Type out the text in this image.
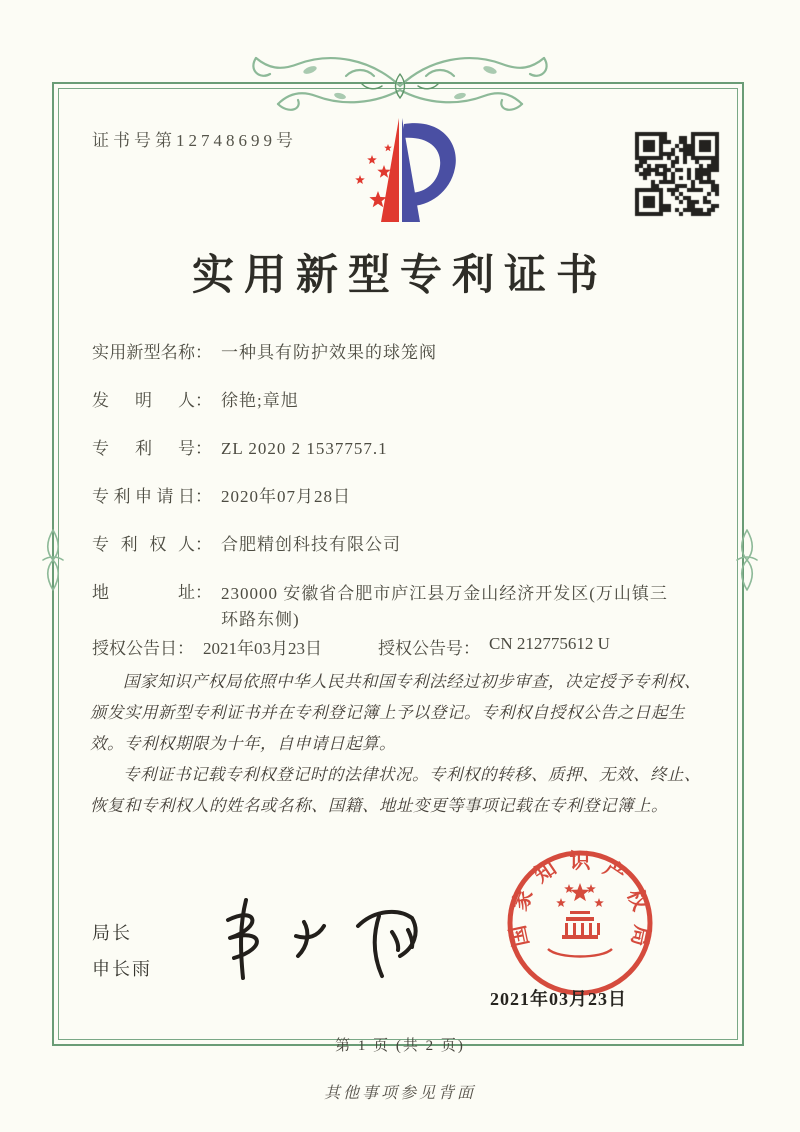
证书号第12748699号
实用新型专利证书
实用新型名称 ： 一种具有防护效果的球笼阀
发明人 ： 徐艳;章旭
专利号 ： ZL 2020 2 1537757.1
专利申请日 ： 2020年07月28日
专利权人 ： 合肥精创科技有限公司
地址 ： 230000 安徽省合肥市庐江县万金山经济开发区(万山镇三环路东侧)
授权公告日 ： 2021年03月23日	授权公告号 ： CN 212775612 U

国家知识产权局依照中华人民共和国专利法经过初步审查，决定授予专利权、颁发实用新型专利证书并在专利登记簿上予以登记。专利权自授权公告之日起生效。专利权期限为十年，自申请日起算。

专利证书记载专利权登记时的法律状况。专利权的转移、质押、无效、终止、恢复和专利权人的姓名或名称、国籍、地址变更等事项记载在专利登记簿上。

局长
申长雨
国
家
知 识 产
权
局
2021年03月23日
第 1 页 (共 2 页)
其他事项参见背面
